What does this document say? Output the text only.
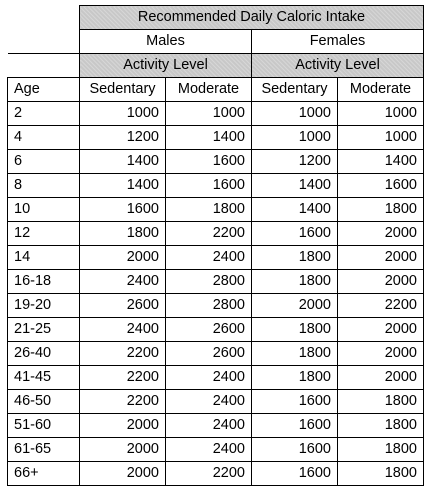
	Recommended Daily Caloric Intake			
	Males		Females	
	Activity Level		Activity Level	
Age	Sedentary	Moderate	Sedentary	Moderate
2	1000	1000	1000	1000
4	1200	1400	1000	1000
6	1400	1600	1200	1400
8	1400	1600	1400	1600
10	1600	1800	1400	1800
12	1800	2200	1600	2000
14	2000	2400	1800	2000
16-18	2400	2800	1800	2000
19-20	2600	2800	2000	2200
21-25	2400	2600	1800	2000
26-40	2200	2600	1800	2000
41-45	2200	2400	1800	2000
46-50	2200	2400	1600	1800
51-60	2000	2400	1600	1800
61-65	2000	2400	1600	1800
66+	2000	2200	1600	1800
